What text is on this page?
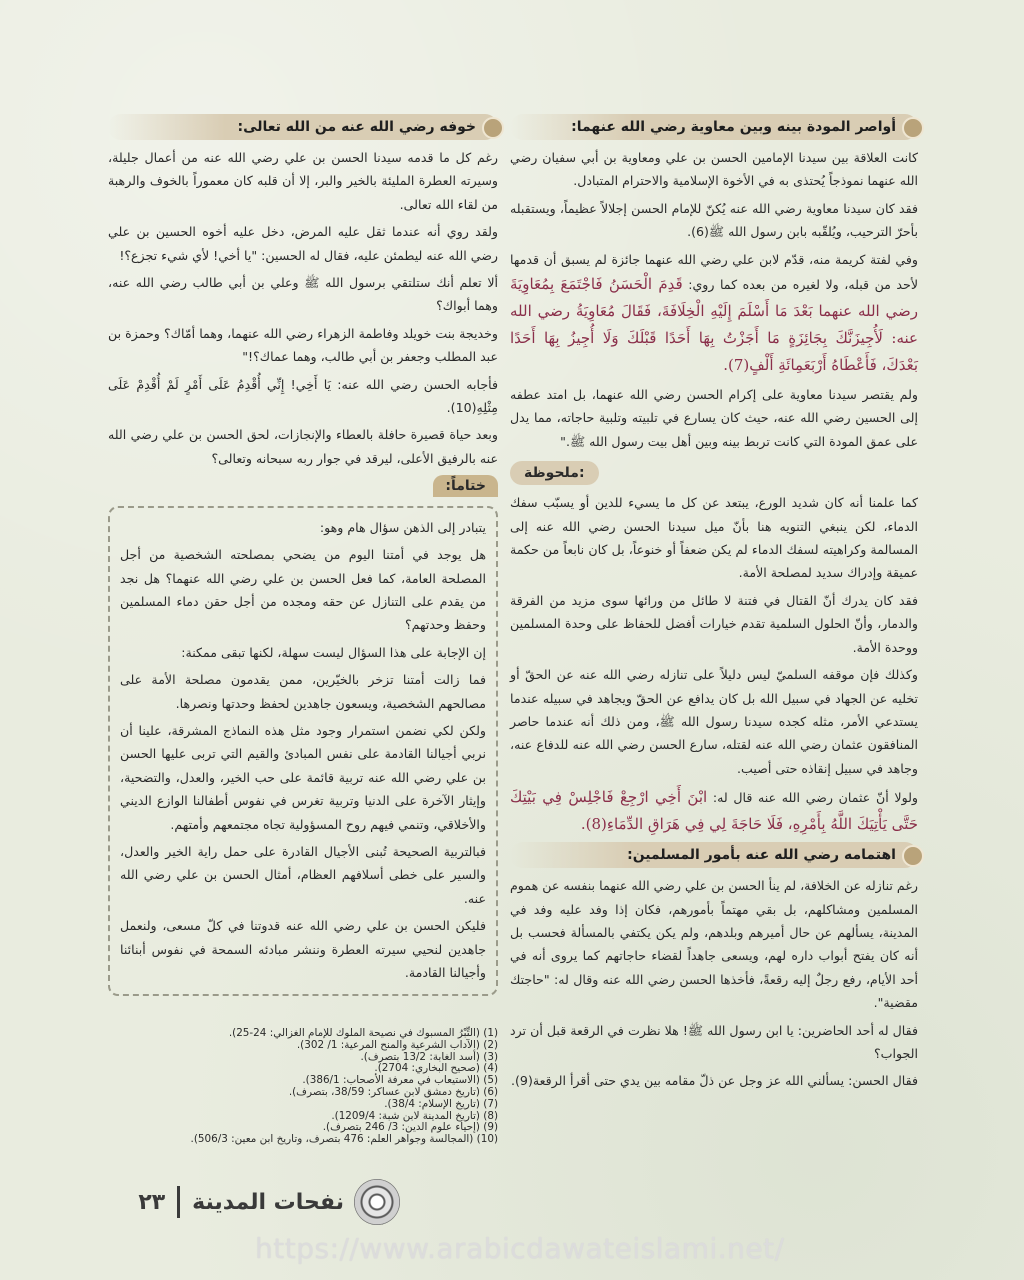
أواصر المودة بينه وبين معاوية رضي الله عنهما:

كانت العلاقة بين سيدنا الإمامين الحسن بن علي ومعاوية بن أبي سفيان رضي الله عنهما نموذجاً يُحتذى به في الأخوة الإسلامية والاحترام المتبادل.

فقد كان سيدنا معاوية رضي الله عنه يُكنّ للإمام الحسن إجلالاً عظيماً، ويستقبله بأحرّ الترحيب، ويُلقّبه بابن رسول الله ﷺ(6).

وفي لفتة كريمة منه، قدّم لابن علي رضي الله عنهما جائزة لم يسبق أن قدمها لأحد من قبله، ولا لغيره من بعده كما روي: قَدِمَ الْحَسَنُ فَاجْتَمَعَ بِمُعَاوِيَةَ رضي الله عنهما بَعْدَ مَا أَسْلَمَ إِلَيْهِ الْخِلَافَةَ، فَقَالَ مُعَاوِيَةُ رضي الله عنه: لَأُجِيزَنَّكَ بِجَائِزَةٍ مَا أَجَزْتُ بِهَا أَحَدًا قَبْلَكَ وَلَا أُجِيزُ بِهَا أَحَدًا بَعْدَكَ، فَأَعْطَاهُ أَرْبَعَمِائَةِ أَلْفٍ(7).

ولم يقتصر سيدنا معاوية على إكرام الحسن رضي الله عنهما، بل امتد عطفه إلى الحسين رضي الله عنه، حيث كان يسارع في تلبيته وتلبية حاجاته، مما يدل على عمق المودة التي كانت تربط بينه وبين أهل بيت رسول الله ﷺ."

ملحوظة:

كما علمنا أنه كان شديد الورع، يبتعد عن كل ما يسيء للدين أو يسبّب سفك الدماء، لكن ينبغي التنويه هنا بأنّ ميل سيدنا الحسن رضي الله عنه إلى المسالمة وكراهيته لسفك الدماء لم يكن ضعفاً أو خنوعاً، بل كان نابعاً من حكمة عميقة وإدراك سديد لمصلحة الأمة.

فقد كان يدرك أنّ القتال في فتنة لا طائل من ورائها سوى مزيد من الفرقة والدمار، وأنّ الحلول السلمية تقدم خيارات أفضل للحفاظ على وحدة المسلمين ووحدة الأمة.

وكذلك فإن موقفه السلميّ ليس دليلاً على تنازله رضي الله عنه عن الحقّ أو تخليه عن الجهاد في سبيل الله بل كان يدافع عن الحقّ ويجاهد في سبيله عندما يستدعي الأمر، مثله كجده سيدنا رسول الله ﷺ، ومن ذلك أنه عندما حاصر المنافقون عثمان رضي الله عنه لقتله، سارع الحسن رضي الله عنه للدفاع عنه، وجاهد في سبيل إنقاذه حتى أصيب.

ولولا أنّ عثمان رضي الله عنه قال له: ابْنَ أَخِي ارْجِعْ فَاجْلِسْ فِي بَيْتِكَ حَتَّى يَأْتِيَكَ اللَّهُ بِأَمْرِهِ، فَلَا حَاجَةَ لِي فِي هَرَاقِ الدِّمَاءِ(8).

اهتمامه رضي الله عنه بأمور المسلمين:

رغم تنازله عن الخلافة، لم ينأ الحسن بن علي رضي الله عنهما بنفسه عن هموم المسلمين ومشاكلهم، بل بقي مهتماً بأمورهم، فكان إذا وفد عليه وفد في المدينة، يسألهم عن حال أميرهم وبلدهم، ولم يكن يكتفي بالمسألة فحسب بل أنه كان يفتح أبواب داره لهم، ويسعى جاهداً لقضاء حاجاتهم كما يروى أنه في أحد الأيام، رفع رجلٌ إليه رقعةً، فأخذها الحسن رضي الله عنه وقال له: "حاجتك مقضية".

فقال له أحد الحاضرين: يا ابن رسول الله ﷺ! هلا نظرت في الرقعة قبل أن ترد الجواب؟

فقال الحسن: يسألني الله عز وجل عن ذلّ مقامه بين يدي حتى أقرأ الرقعة(9).

خوفه رضي الله عنه من الله تعالى:

رغم كل ما قدمه سيدنا الحسن بن علي رضي الله عنه من أعمال جليلة، وسيرته العطرة المليئة بالخير والبر، إلا أن قلبه كان معموراً بالخوف والرهبة من لقاء الله تعالى.

ولقد روي أنه عندما ثقل عليه المرض، دخل عليه أخوه الحسين بن علي رضي الله عنه ليطمئن عليه، فقال له الحسين: "يا أخي! لأي شيء تجزع؟!

ألا تعلم أنك ستلتقي برسول الله ﷺ وعلي بن أبي طالب رضي الله عنه، وهما أبواك؟

وخديجة بنت خويلد وفاطمة الزهراء رضي الله عنهما، وهما أمّاك؟ وحمزة بن عبد المطلب وجعفر بن أبي طالب، وهما عماك؟!"

فأجابه الحسن رضي الله عنه: يَا أَخِي! إِنِّي أُقْدِمُ عَلَى أَمْرٍ لَمْ أُقْدِمْ عَلَى مِثْلِهِ(10).

وبعد حياة قصيرة حافلة بالعطاء والإنجازات، لحق الحسن بن علي رضي الله عنه بالرفيق الأعلى، ليرقد في جوار ربه سبحانه وتعالى؟

ختاماً:

يتبادر إلى الذهن سؤال هام وهو:

هل يوجد في أمتنا اليوم من يضحي بمصلحته الشخصية من أجل المصلحة العامة، كما فعل الحسن بن علي رضي الله عنهما؟ هل نجد من يقدم على التنازل عن حقه ومجده من أجل حقن دماء المسلمين وحفظ وحدتهم؟

إن الإجابة على هذا السؤال ليست سهلة، لكنها تبقى ممكنة:

فما زالت أمتنا تزخر بالخيّرين، ممن يقدمون مصلحة الأمة على مصالحهم الشخصية، ويسعون جاهدين لحفظ وحدتها ونصرها.

ولكن لكي نضمن استمرار وجود مثل هذه النماذج المشرقة، علينا أن نربي أجيالنا القادمة على نفس المبادئ والقيم التي تربى عليها الحسن بن علي رضي الله عنه تربية قائمة على حب الخير، والعدل، والتضحية، وإيثار الآخرة على الدنيا وتربية تغرس في نفوس أطفالنا الوازع الديني والأخلاقي، وتنمي فيهم روح المسؤولية تجاه مجتمعهم وأمتهم.

فبالتربية الصحيحة تُبنى الأجيال القادرة على حمل راية الخير والعدل، والسير على خطى أسلافهم العظام، أمثال الحسن بن علي رضي الله عنه.

فليكن الحسن بن علي رضي الله عنه قدوتنا في كلّ مسعى، ولنعمل جاهدين لنحيي سيرته العطرة وننشر مبادئه السمحة في نفوس أبنائنا وأجيالنا القادمة.

(1) (التِّبْرُ المسبوك في نصيحة الملوك للإمام الغزالي: 24-25).
(2) (الآداب الشرعية والمنح المرعية: 1/ 302).
(3) (أسد الغابة: 13/2 بتصرف).
(4) (صحيح البخاري: 2704).
(5) (الاستيعاب في معرفة الأصحاب: 386/1).
(6) (تاريخ دمشق لابن عساكر: 38/59، بتصرف).
(7) (تاريخ الإسلام: 38/4).
(8) (تاريخ المدينة لابن شبة: 1209/4).
(9) (إحياء علوم الدين: 3/ 246 بتصرف).
(10) (المجالسة وجواهر العلم: 476 بتصرف، وتاريخ ابن معين: 506/3).
نفحات المدينة
٢٣
https://www.arabicdawateislami.net/
